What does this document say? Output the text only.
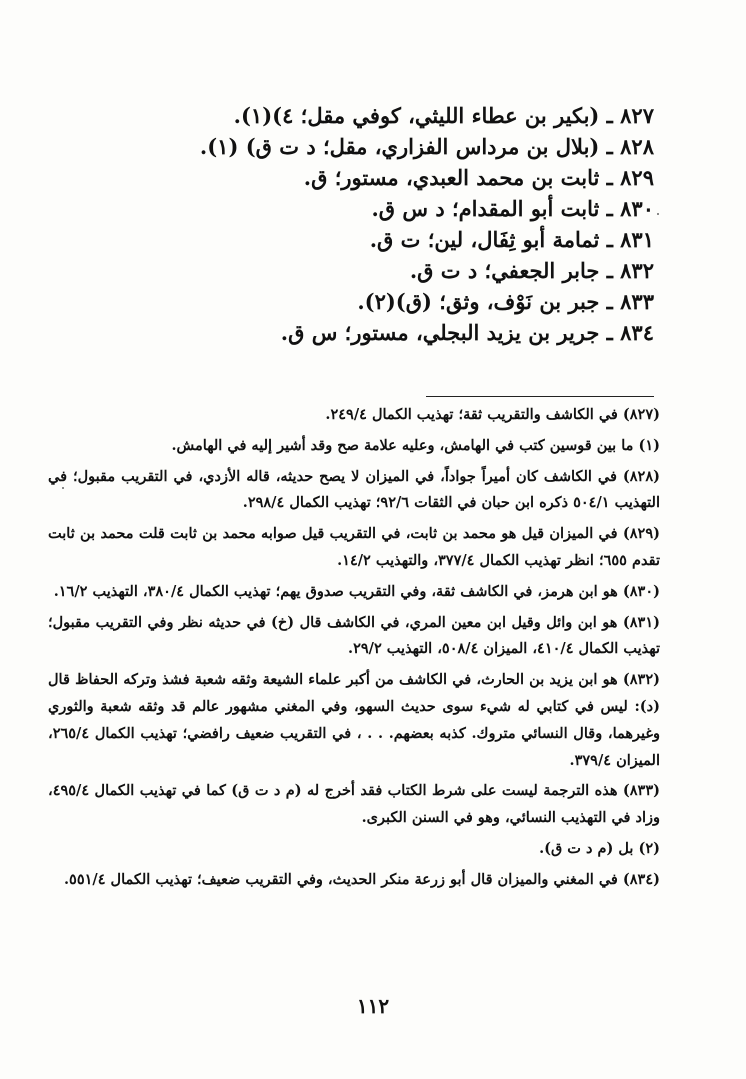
٨٢٧ ـ (بكير بن عطاء الليثي، كوفي مقل؛ ٤)(١).
٨٢٨ ـ (بلال بن مرداس الفزاري، مقل؛ د ت ق) (١).
٨٢٩ ـ ثابت بن محمد العبدي، مستور؛ ق.
٨٣٠ ـ ثابت أبو المقدام؛ د س ق.
٨٣١ ـ ثمامة أبو ثِفَال، لين؛ ت ق.
٨٣٢ ـ جابر الجعفي؛ د ت ق.
٨٣٣ ـ جبر بن نَوْف، وثق؛ (ق)(٢).
٨٣٤ ـ جرير بن يزيد البجلي، مستور؛ س ق.

(٨٢٧) في الكاشف والتقريب ثقة؛ تهذيب الكمال ٢٤٩/٤.

(١) ما بين قوسين كتب في الهامش، وعليه علامة صح وقد أشير إليه في الهامش.

(٨٢٨) في الكاشف كان أميراً جواداً، في الميزان لا يصح حديثه، قاله الأزدي، في التقريب مقبول؛ في التهذيب ٥٠٤/١ ذكره ابن حبان في الثقات ٩٢/٦؛ تهذيب الكمال ٢٩٨/٤.

(٨٢٩) في الميزان قيل هو محمد بن ثابت، في التقريب قيل صوابه محمد بن ثابت قلت محمد بن ثابت تقدم ٦٥٥؛ انظر تهذيب الكمال ٣٧٧/٤، والتهذيب ١٤/٢.

(٨٣٠) هو ابن هرمز، في الكاشف ثقة، وفي التقريب صدوق يهم؛ تهذيب الكمال ٣٨٠/٤، التهذيب ١٦/٢.

(٨٣١) هو ابن وائل وقيل ابن معين المري، في الكاشف قال (خ) في حديثه نظر وفي التقريب مقبول؛ تهذيب الكمال ٤١٠/٤، الميزان ٥٠٨/٤، التهذيب ٢٩/٢.

(٨٣٢) هو ابن يزيد بن الحارث، في الكاشف من أكبر علماء الشيعة وثقه شعبة فشذ وتركه الحفاظ قال (د): ليس في كتابي له شيء سوى حديث السهو، وفي المغني مشهور عالم قد وثقه شعبة والثوري وغيرهما، وقال النسائي متروك. كذبه بعضهم. . . ، في التقريب ضعيف رافضي؛ تهذيب الكمال ٢٦٥/٤، الميزان ٣٧٩/٤.

(٨٣٣) هذه الترجمة ليست على شرط الكتاب فقد أخرج له (م د ت ق) كما في تهذيب الكمال ٤٩٥/٤، وزاد في التهذيب النسائي، وهو في السنن الكبرى.

(٢) بل (م د ت ق).

(٨٣٤) في المغني والميزان قال أبو زرعة منكر الحديث، وفي التقريب ضعيف؛ تهذيب الكمال ٥٥١/٤.

١١٢
